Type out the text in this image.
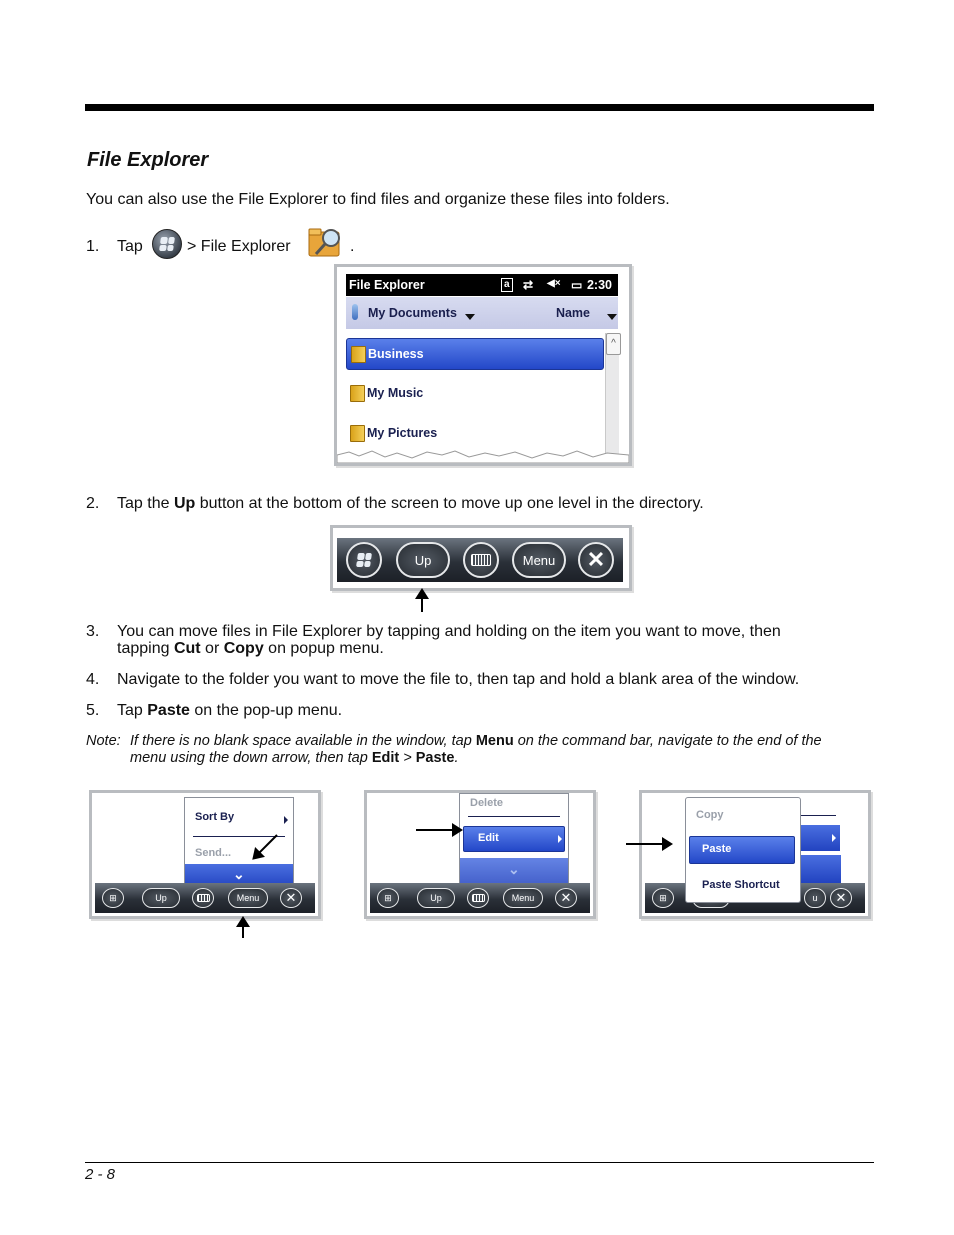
File Explorer
You can also use the File Explorer to find files and organize these files into folders.
1. Tap	> File Explorer	.
File Explorer	a ⇄ ◀× ▭ 2:30
My Documents	Name
Business
My Music
My Pictures
^
2. Tap the Up button at the bottom of the screen to move up one level in the directory.
Up	Menu	✕
3. You can move files in File Explorer by tapping and holding on the item you want to move, then
tapping Cut or Copy on popup menu.
4. Navigate to the folder you want to move the file to, then tap and hold a blank area of the window.
5. Tap Paste on the pop-up menu.
Note: If there is no blank space available in the window, tap Menu on the command bar, navigate to the end of the
menu using the down arrow, then tap Edit > Paste.
Sort By
Send...
⌄
⊞	Up	Menu	✕
Delete
Edit
⌄
⊞	Up	Menu	✕	⊞	u	✕
Copy
Paste
Paste Shortcut
2 - 8
